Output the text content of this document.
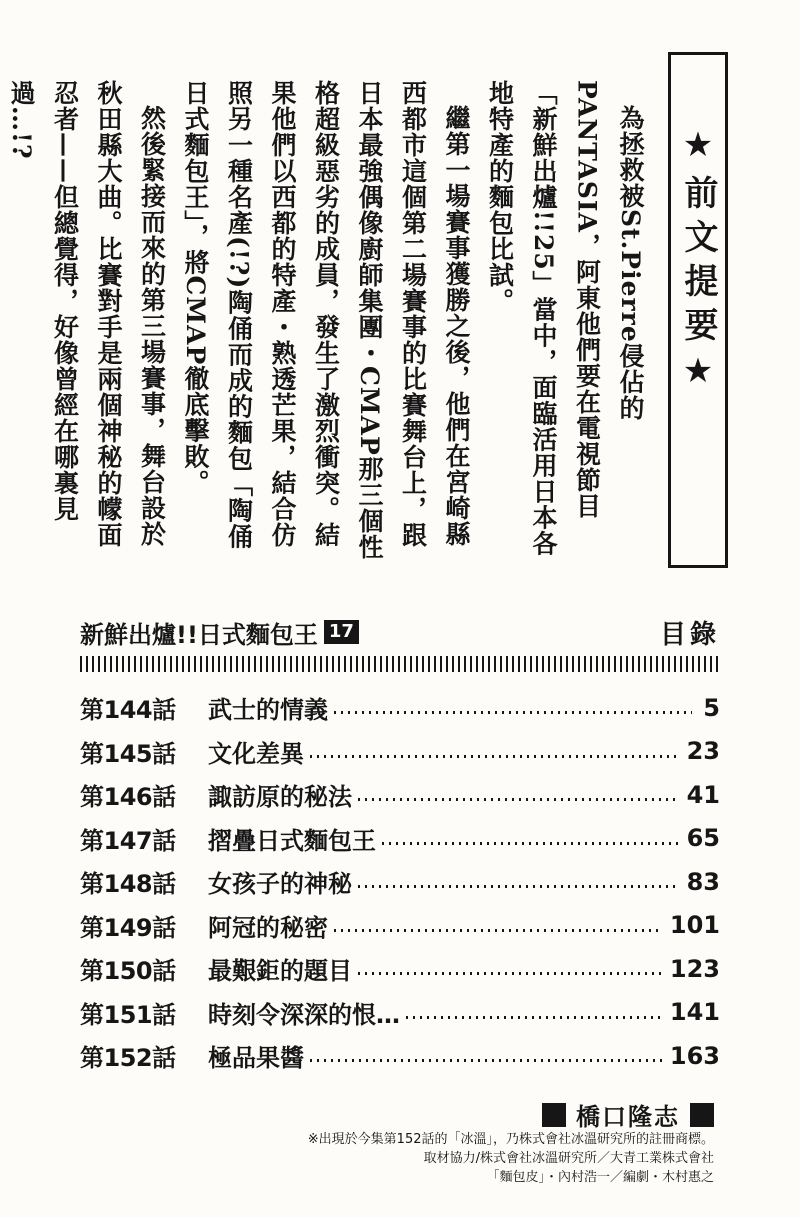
★前文提要★

為拯救被St.Pierre侵佔的PANTASIA，阿東他們要在電視節目「新鮮出爐!!25」當中，面臨活用日本各地特產的麵包比試。

繼第一場賽事獲勝之後，他們在宮崎縣西都市這個第二場賽事的比賽舞台上，跟日本最強偶像廚師集團・CMAP那三個性格超級惡劣的成員，發生了激烈衝突。結果他們以西都的特產・熟透芒果，結合仿照另一種名產(!?)陶俑而成的麵包「陶俑日式麵包王」，將CMAP徹底擊敗。

然後緊接而來的第三場賽事，舞台設於秋田縣大曲。比賽對手是兩個神秘的幪面忍者——但總覺得，好像曾經在哪裏見過…!?

新鮮出爐!!日式麵包王 17	目錄
第144話	武士的情義	5
第145話	文化差異	23
第146話	諏訪原的秘法	41
第147話	摺疊日式麵包王	65
第148話	女孩子的神秘	83
第149話	阿冠的秘密	101
第150話	最艱鉅的題目	123
第151話	時刻令深深的恨…	141
第152話	極品果醬	163
橋口隆志
※出現於今集第152話的「冰溫」，乃株式會社冰溫研究所的註冊商標。
取材協力/株式會社冰溫研究所／大青工業株式會社
「麵包皮」・內村浩一／編劇・木村惠之
